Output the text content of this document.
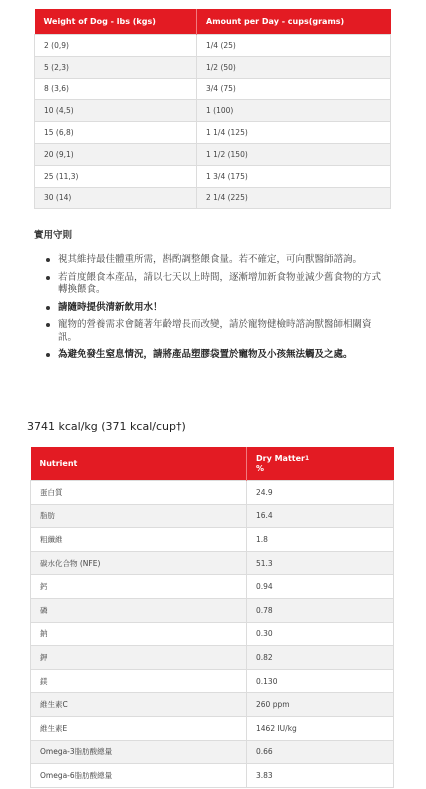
Weight of Dog - lbs (kgs)	Amount per Day - cups(grams)
2 (0,9)	1/4 (25)
5 (2,3)	1/2 (50)
8 (3,6)	3/4 (75)
10 (4,5)	1 (100)
15 (6,8)	1 1/4 (125)
20 (9,1)	1 1/2 (150)
25 (11,3)	1 3/4 (175)
30 (14)	2 1/4 (225)
實用守則
視其維持最佳體重所需，斟酌調整餵食量。若不確定，可向獸醫師諮詢。
若首度餵食本產品，請以七天以上時間，逐漸增加新食物並減少舊食物的方式轉換餵食。
請隨時提供清新飲用水！
寵物的營養需求會隨著年齡增長而改變，請於寵物健檢時諮詢獸醫師相關資訊。
為避免發生窒息情況，請將產品塑膠袋置於寵物及小孩無法觸及之處。
3741 kcal/kg (371 kcal/cup†)
Nutrient	Dry Matter$^1$
%

蛋白質	24.9
脂肪	16.4
粗纖維	1.8
碳水化合物 (NFE)	51.3
鈣	0.94
磷	0.78
鈉	0.30
鉀	0.82
鎂	0.130
維生素C	260 ppm
維生素E	1462 IU/kg
Omega-3脂肪酸總量	0.66
Omega-6脂肪酸總量	3.83
